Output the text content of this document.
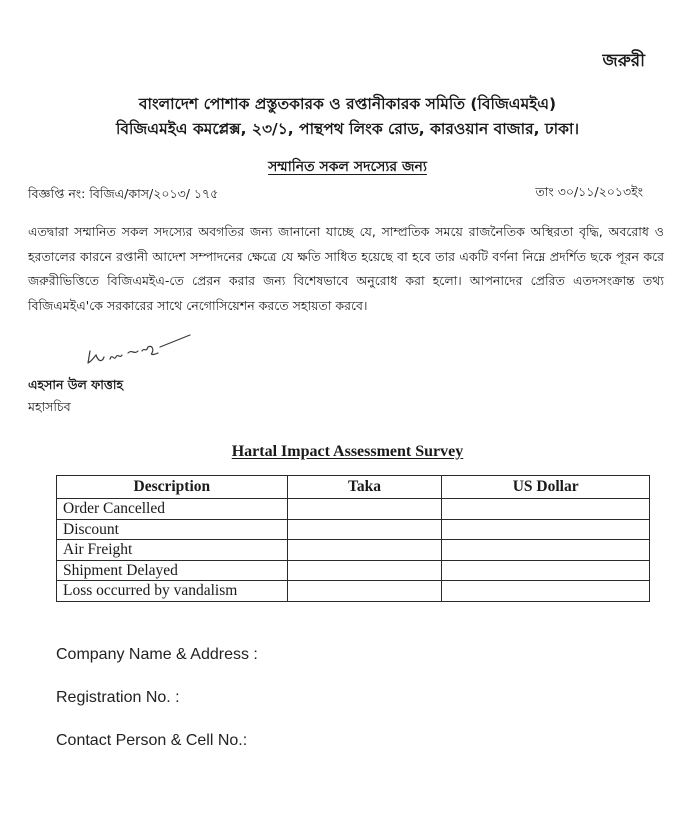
জরুরী
বাংলাদেশ পোশাক প্রস্তুতকারক ও রপ্তানীকারক সমিতি (বিজিএমইএ)
বিজিএমইএ কমপ্লেক্স, ২৩/১, পান্থপথ লিংক রোড, কারওয়ান বাজার, ঢাকা।
সম্মানিত সকল সদস্যের জন্য
বিজ্ঞপ্তি নং: বিজিএ/কাস/২০১৩/ ১৭৫	তাং ৩০/১১/২০১৩ইং
এতদ্বারা সম্মানিত সকল সদস্যের অবগতির জন্য জানানো যাচ্ছে যে, সাম্প্রতিক সময়ে রাজনৈতিক অস্থিরতা বৃদ্ধি, অবরোধ ও হরতালের কারনে রপ্তানী আদেশ সম্পাদনের ক্ষেত্রে যে ক্ষতি সাধিত হয়েছে বা হবে তার একটি বর্ণনা নিম্নে প্রদর্শিত ছকে পূরন করে জরুরীভিত্তিতে বিজিএমইএ-তে প্রেরন করার জন্য বিশেষভাবে অনুরোধ করা হলো। আপনাদের প্রেরিত এতদসংক্রান্ত তথ্য বিজিএমইএ'কে সরকারের সাথে নেগোসিয়েশন করতে সহায়তা করবে।
এহসান উল ফাত্তাহ
মহাসচিব
Hartal Impact Assessment Survey
Description	Taka	US Dollar
Order Cancelled		
Discount		
Air Freight		
Shipment Delayed		
Loss occurred by vandalism		
Company Name & Address :
Registration No. :
Contact Person & Cell No.:
